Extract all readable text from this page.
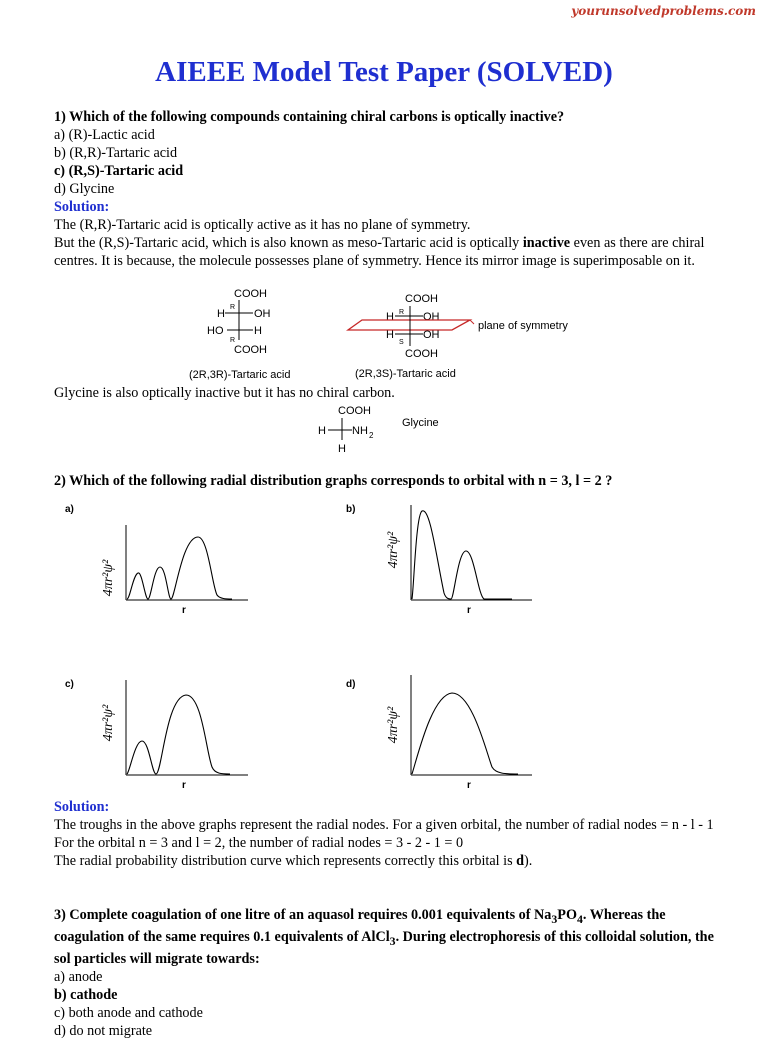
yourunsolvedproblems.com
AIEEE Model Test Paper (SOLVED)
1) Which of the following compounds containing chiral carbons is optically inactive?
a) (R)-Lactic acid
b) (R,R)-Tartaric acid
c) (R,S)-Tartaric acid
d) Glycine
Solution:
The (R,R)-Tartaric acid is optically active as it has no plane of symmetry.
But the (R,S)-Tartaric acid, which is also known as meso-Tartaric acid is optically inactive even as there are chiral centres. It is because, the molecule possesses plane of symmetry. Hence its mirror image is superimposable on it.
COOH
H
R
OH
HO	H
R
COOH
(2R,3R)-Tartaric acid
COOH
H R OH
H
S
OH
COOH
plane of symmetry
(2R,3S)-Tartaric acid
Glycine is also optically inactive but it has no chiral carbon.
COOH
H NH 2
H
Glycine
2) Which of the following radial distribution graphs corresponds to orbital with n = 3, l = 2 ?
a)
4πr²ψ²
r
b)
4πr²ψ²
r
c)
4πr²ψ²
r
d)
4πr²ψ²
r
Solution:
The troughs in the above graphs represent the radial nodes. For a given orbital, the number of radial nodes = n - l - 1
For the orbital n = 3 and l = 2, the number of radial nodes = 3 - 2 - 1 = 0
The radial probability distribution curve which represents correctly this orbital is d).
3) Complete coagulation of one litre of an aquasol requires 0.001 equivalents of $Na_3PO_4$. Whereas the coagulation of the same requires 0.1 equivalents of AlCl$_3$. During electrophoresis of this colloidal solution, the sol particles will migrate towards:
a) anode
b) cathode
c) both anode and cathode
d) do not migrate
